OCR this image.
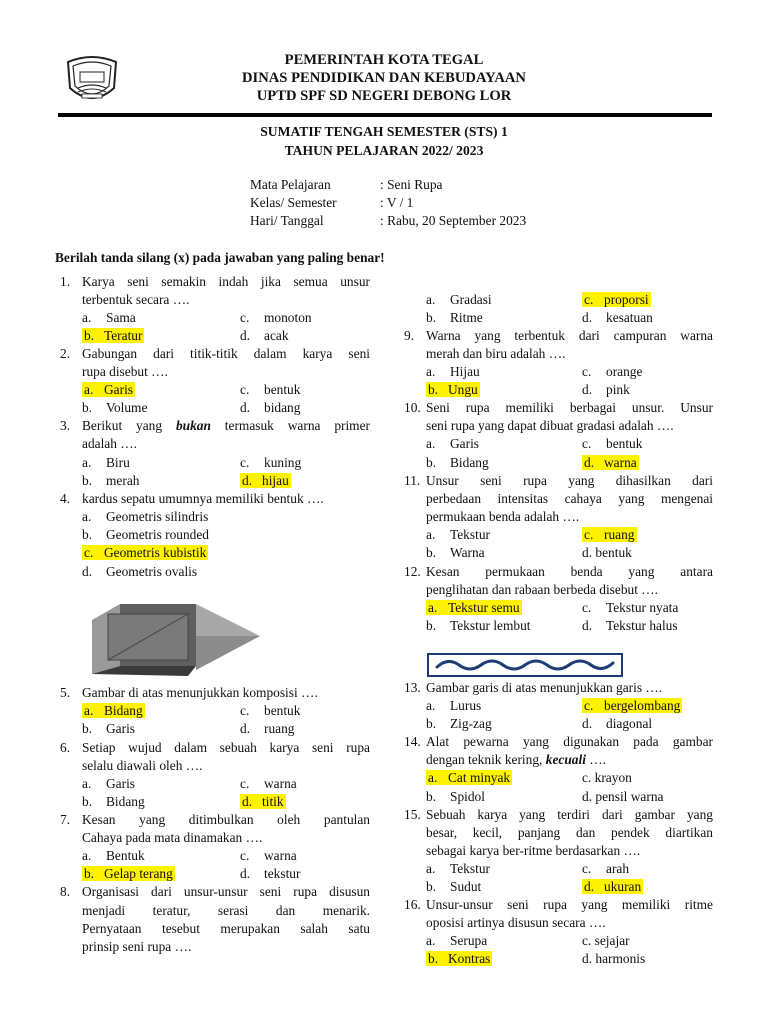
PEMERINTAH KOTA TEGAL
DINAS PENDIDIKAN DAN KEBUDAYAAN
UPTD SPF SD NEGERI DEBONG LOR
SUMATIF TENGAH SEMESTER (STS) 1
TAHUN PELAJARAN 2022/ 2023
Mata Pelajaran	: Seni Rupa
Kelas/ Semester	: V / 1
Hari/ Tanggal	: Rabu, 20 September 2023
Berilah tanda silang (x) pada jawaban yang paling benar!
1. Karya seni semakin indah jika semua unsur
terbentuk secara ….
a. Sama	c. monoton
b. Teratur	d. acak
2. Gabungan dari titik-titik dalam karya seni
rupa disebut ….
a. Garis	c. bentuk
b. Volume	d. bidang
3. Berikut yang bukan termasuk warna primer
adalah ….
a. Biru	c. kuning
b. merah	d. hijau
4. kardus sepatu umumnya memiliki bentuk ….
a. Geometris silindris
b. Geometris rounded
c. Geometris kubistik
d. Geometris ovalis
5. Gambar di atas menunjukkan komposisi ….
a. Bidang	c. bentuk
b. Garis	d. ruang
6. Setiap wujud dalam sebuah karya seni rupa
selalu diawali oleh ….
a. Garis	c. warna
b. Bidang	d. titik
7. Kesan yang ditimbulkan oleh pantulan
Cahaya pada mata dinamakan ….
a. Bentuk	c. warna
b. Gelap terang	d. tekstur
8. Organisasi dari unsur-unsur seni rupa disusun
menjadi teratur, serasi dan menarik.
Pernyataan tesebut merupakan salah satu
prinsip seni rupa ….
a. Gradasi	c. proporsi
b. Ritme	d. kesatuan
9. Warna yang terbentuk dari campuran warna
merah dan biru adalah ….
a. Hijau	c. orange
b. Ungu	d. pink
10. Seni rupa memiliki berbagai unsur. Unsur
seni rupa yang dapat dibuat gradasi adalah ….
a. Garis	c. bentuk
b. Bidang	d. warna
11. Unsur seni rupa yang dihasilkan dari
perbedaan intensitas cahaya yang mengenai
permukaan benda adalah ….
a. Tekstur	c. ruang
b. Warna	d. bentuk
12. Kesan permukaan benda yang antara
penglihatan dan rabaan berbeda disebut ….
a. Tekstur semu	c. Tekstur nyata
b. Tekstur lembut	d. Tekstur halus
13. Gambar garis di atas menunjukkan garis ….
a. Lurus	c. bergelombang
b. Zig-zag	d. diagonal
14. Alat pewarna yang digunakan pada gambar
dengan teknik kering, kecuali ….
a. Cat minyak	c. krayon
b. Spidol	d. pensil warna
15. Sebuah karya yang terdiri dari gambar yang
besar, kecil, panjang dan pendek diartikan
sebagai karya ber-ritme berdasarkan ….
a. Tekstur	c. arah
b. Sudut	d. ukuran
16. Unsur-unsur seni rupa yang memiliki ritme
oposisi artinya disusun secara ….
a. Serupa	c. sejajar
b. Kontras	d. harmonis
